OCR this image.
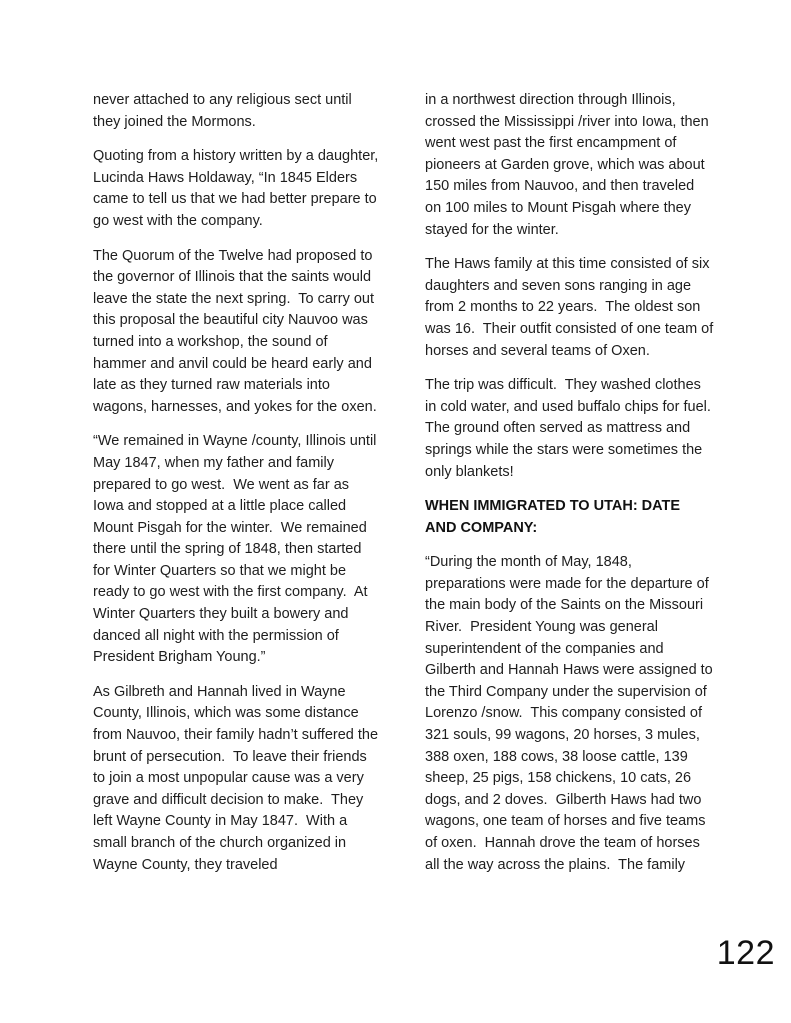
never attached to any religious sect until they joined the Mormons.

Quoting from a history written by a daughter, Lucinda Haws Holdaway, “In 1845 Elders came to tell us that we had better prepare to go west with the company.

The Quorum of the Twelve had proposed to the governor of Illinois that the saints would leave the state the next spring.  To carry out this proposal the beautiful city Nauvoo was turned into a workshop, the sound of hammer and anvil could be heard early and late as they turned raw materials into wagons, harnesses, and yokes for the oxen.

“We remained in Wayne /county, Illinois until May 1847, when my father and family prepared to go west.  We went as far as Iowa and stopped at a little place called Mount Pisgah for the winter.  We remained there until the spring of 1848, then started for Winter Quarters so that we might be ready to go west with the first company.  At Winter Quarters they built a bowery and danced all night with the permission of President Brigham Young.”

As Gilbreth and Hannah lived in Wayne County, Illinois, which was some distance from Nauvoo, their family hadn’t suffered the brunt of persecution.  To leave their friends to join a most unpopular cause was a very grave and difficult decision to make.  They left Wayne County in May 1847.  With a small branch of the church organized in Wayne County, they traveled

in a northwest direction through Illinois, crossed the Mississippi /river into Iowa, then went west past the first encampment of pioneers at Garden grove, which was about 150 miles from Nauvoo, and then traveled on 100 miles to Mount Pisgah where they stayed for the winter.

The Haws family at this time consisted of six daughters and seven sons ranging in age from 2 months to 22 years.  The oldest son was 16.  Their outfit consisted of one team of horses and several teams of Oxen.

The trip was difficult.  They washed clothes in cold water, and used buffalo chips for fuel.  The ground often served as mattress and springs while the stars were sometimes the only blankets!

WHEN IMMIGRATED TO UTAH: DATE AND COMPANY:

“During the month of May, 1848, preparations were made for the departure of the main body of the Saints on the Missouri River.  President Young was general superintendent of the companies and Gilberth and Hannah Haws were assigned to the Third Company under the supervision of Lorenzo /snow.  This company consisted of 321 souls, 99 wagons, 20 horses, 3 mules, 388 oxen, 188 cows, 38 loose cattle, 139 sheep, 25 pigs, 158 chickens, 10 cats, 26 dogs, and 2 doves.  Gilberth Haws had two wagons, one team of horses and five teams of oxen.  Hannah drove the team of horses all the way across the plains.  The family

122
